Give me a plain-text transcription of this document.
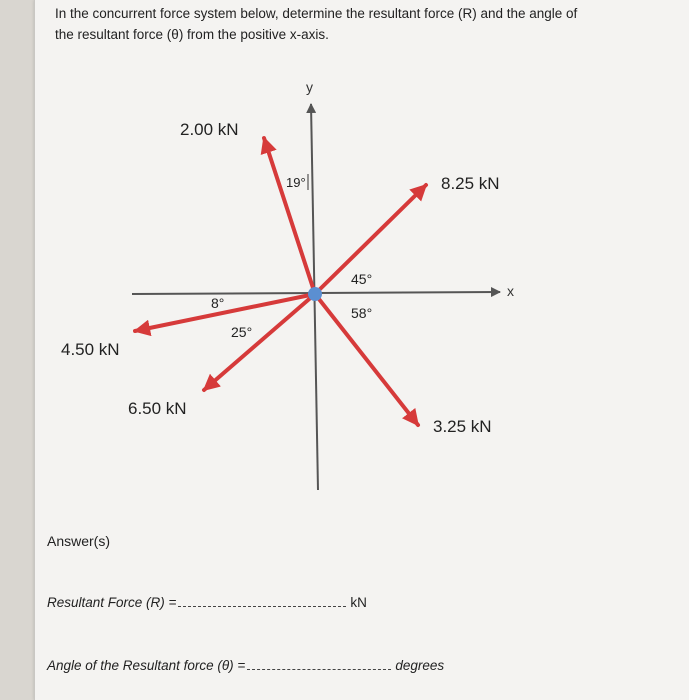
In the concurrent force system below, determine the resultant force (R) and the angle of the resultant force (θ) from the positive x-axis.
x
y
2.00 kN
8.25 kN
4.50 kN
6.50 kN
3.25 kN
19°
45°
8°
58°
25°
Answer(s)
Resultant Force (R) =	kN
Angle of the Resultant force (θ) =	degrees
